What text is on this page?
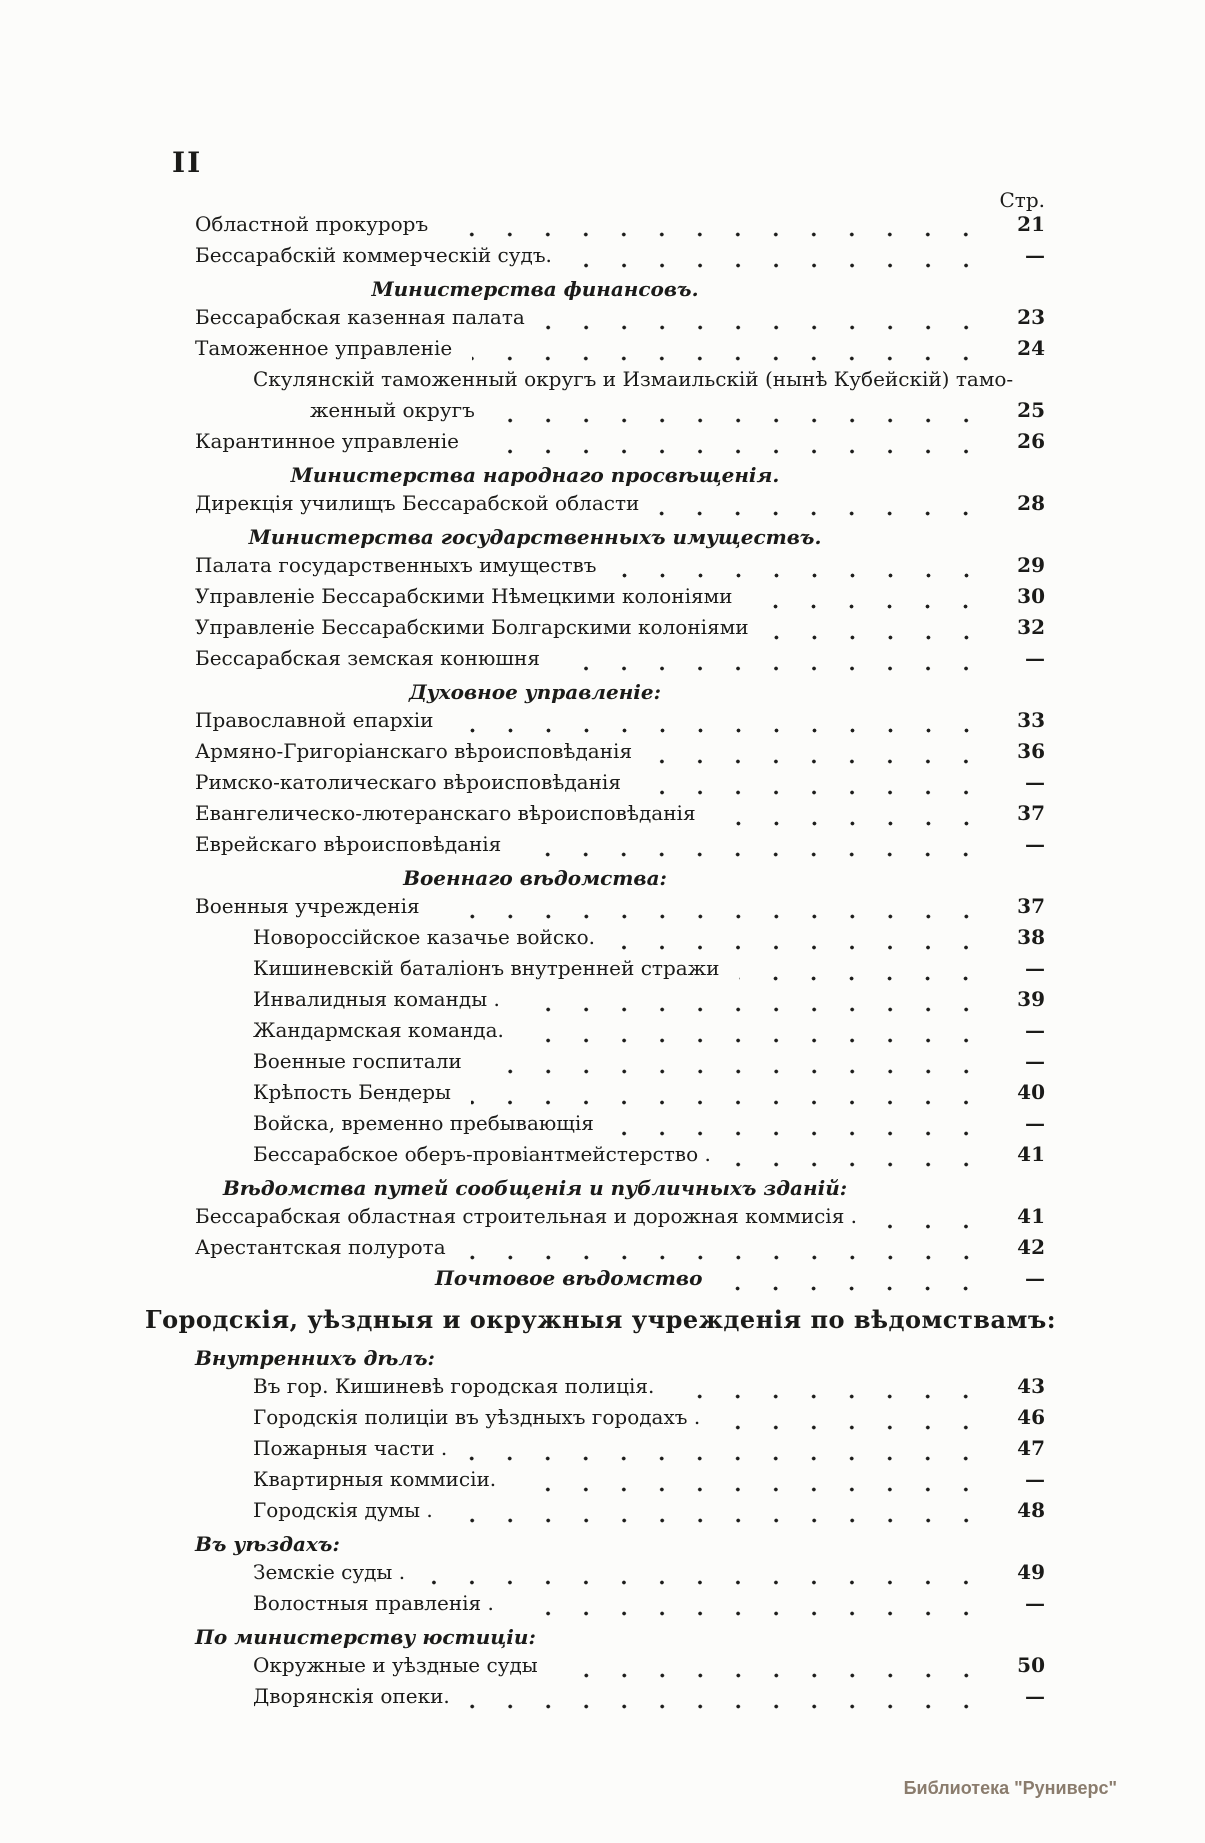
II
Стр.
Областной прокуроръ	21
Бессарабскій коммерческій судъ.	—
Министерства финансовъ.
Бессарабская казенная палата	23
Таможенное управленіе	24
Скулянскій таможенный округъ и Измаильскій (нынѣ Кубейскій) тамо-
женный округъ	25
Карантинное управленіе	26
Министерства народнаго просвѣщенія.
Дирекція училищъ Бессарабской области	28
Министерства государственныхъ имуществъ.
Палата государственныхъ имуществъ	29
Управленіе Бессарабскими Нѣмецкими колоніями	30
Управленіе Бессарабскими Болгарскими колоніями	32
Бессарабская земская конюшня	—
Духовное управленіе:
Православной епархіи	33
Армяно-Григоріанскаго вѣроисповѣданія	36
Римско-католическаго вѣроисповѣданія	—
Евангелическо-лютеранскаго вѣроисповѣданія	37
Еврейскаго вѣроисповѣданія	—
Военнаго вѣдомства:
Военныя учрежденія	37
Новороссійское казачье войско.	38
Кишиневскій баталіонъ внутренней стражи	—
Инвалидныя команды .	39
Жандармская команда.	—
Военные госпитали	—
Крѣпость Бендеры	40
Войска, временно пребывающія	—
Бессарабское оберъ-провіантмейстерство .	41
Вѣдомства путей сообщенія и публичныхъ зданій:
Бессарабская областная строительная и дорожная коммисія .	41
Арестантская полурота	42
Почтовое вѣдомство	—
Городскія, уѣздныя и окружныя учрежденія по вѣдомствамъ:
Внутреннихъ дѣлъ:
Въ гор. Кишиневѣ городская полиція.	43
Городскія полиціи въ уѣздныхъ городахъ .	46
Пожарныя части .	47
Квартирныя коммисіи.	—
Городскія думы .	48
Въ уѣздахъ:
Земскіе суды .	49
Волостныя правленія .	—
По министерству юстиціи:
Окружные и уѣздные суды	50
Дворянскія опеки.	—
Библиотека "Руниверс"
